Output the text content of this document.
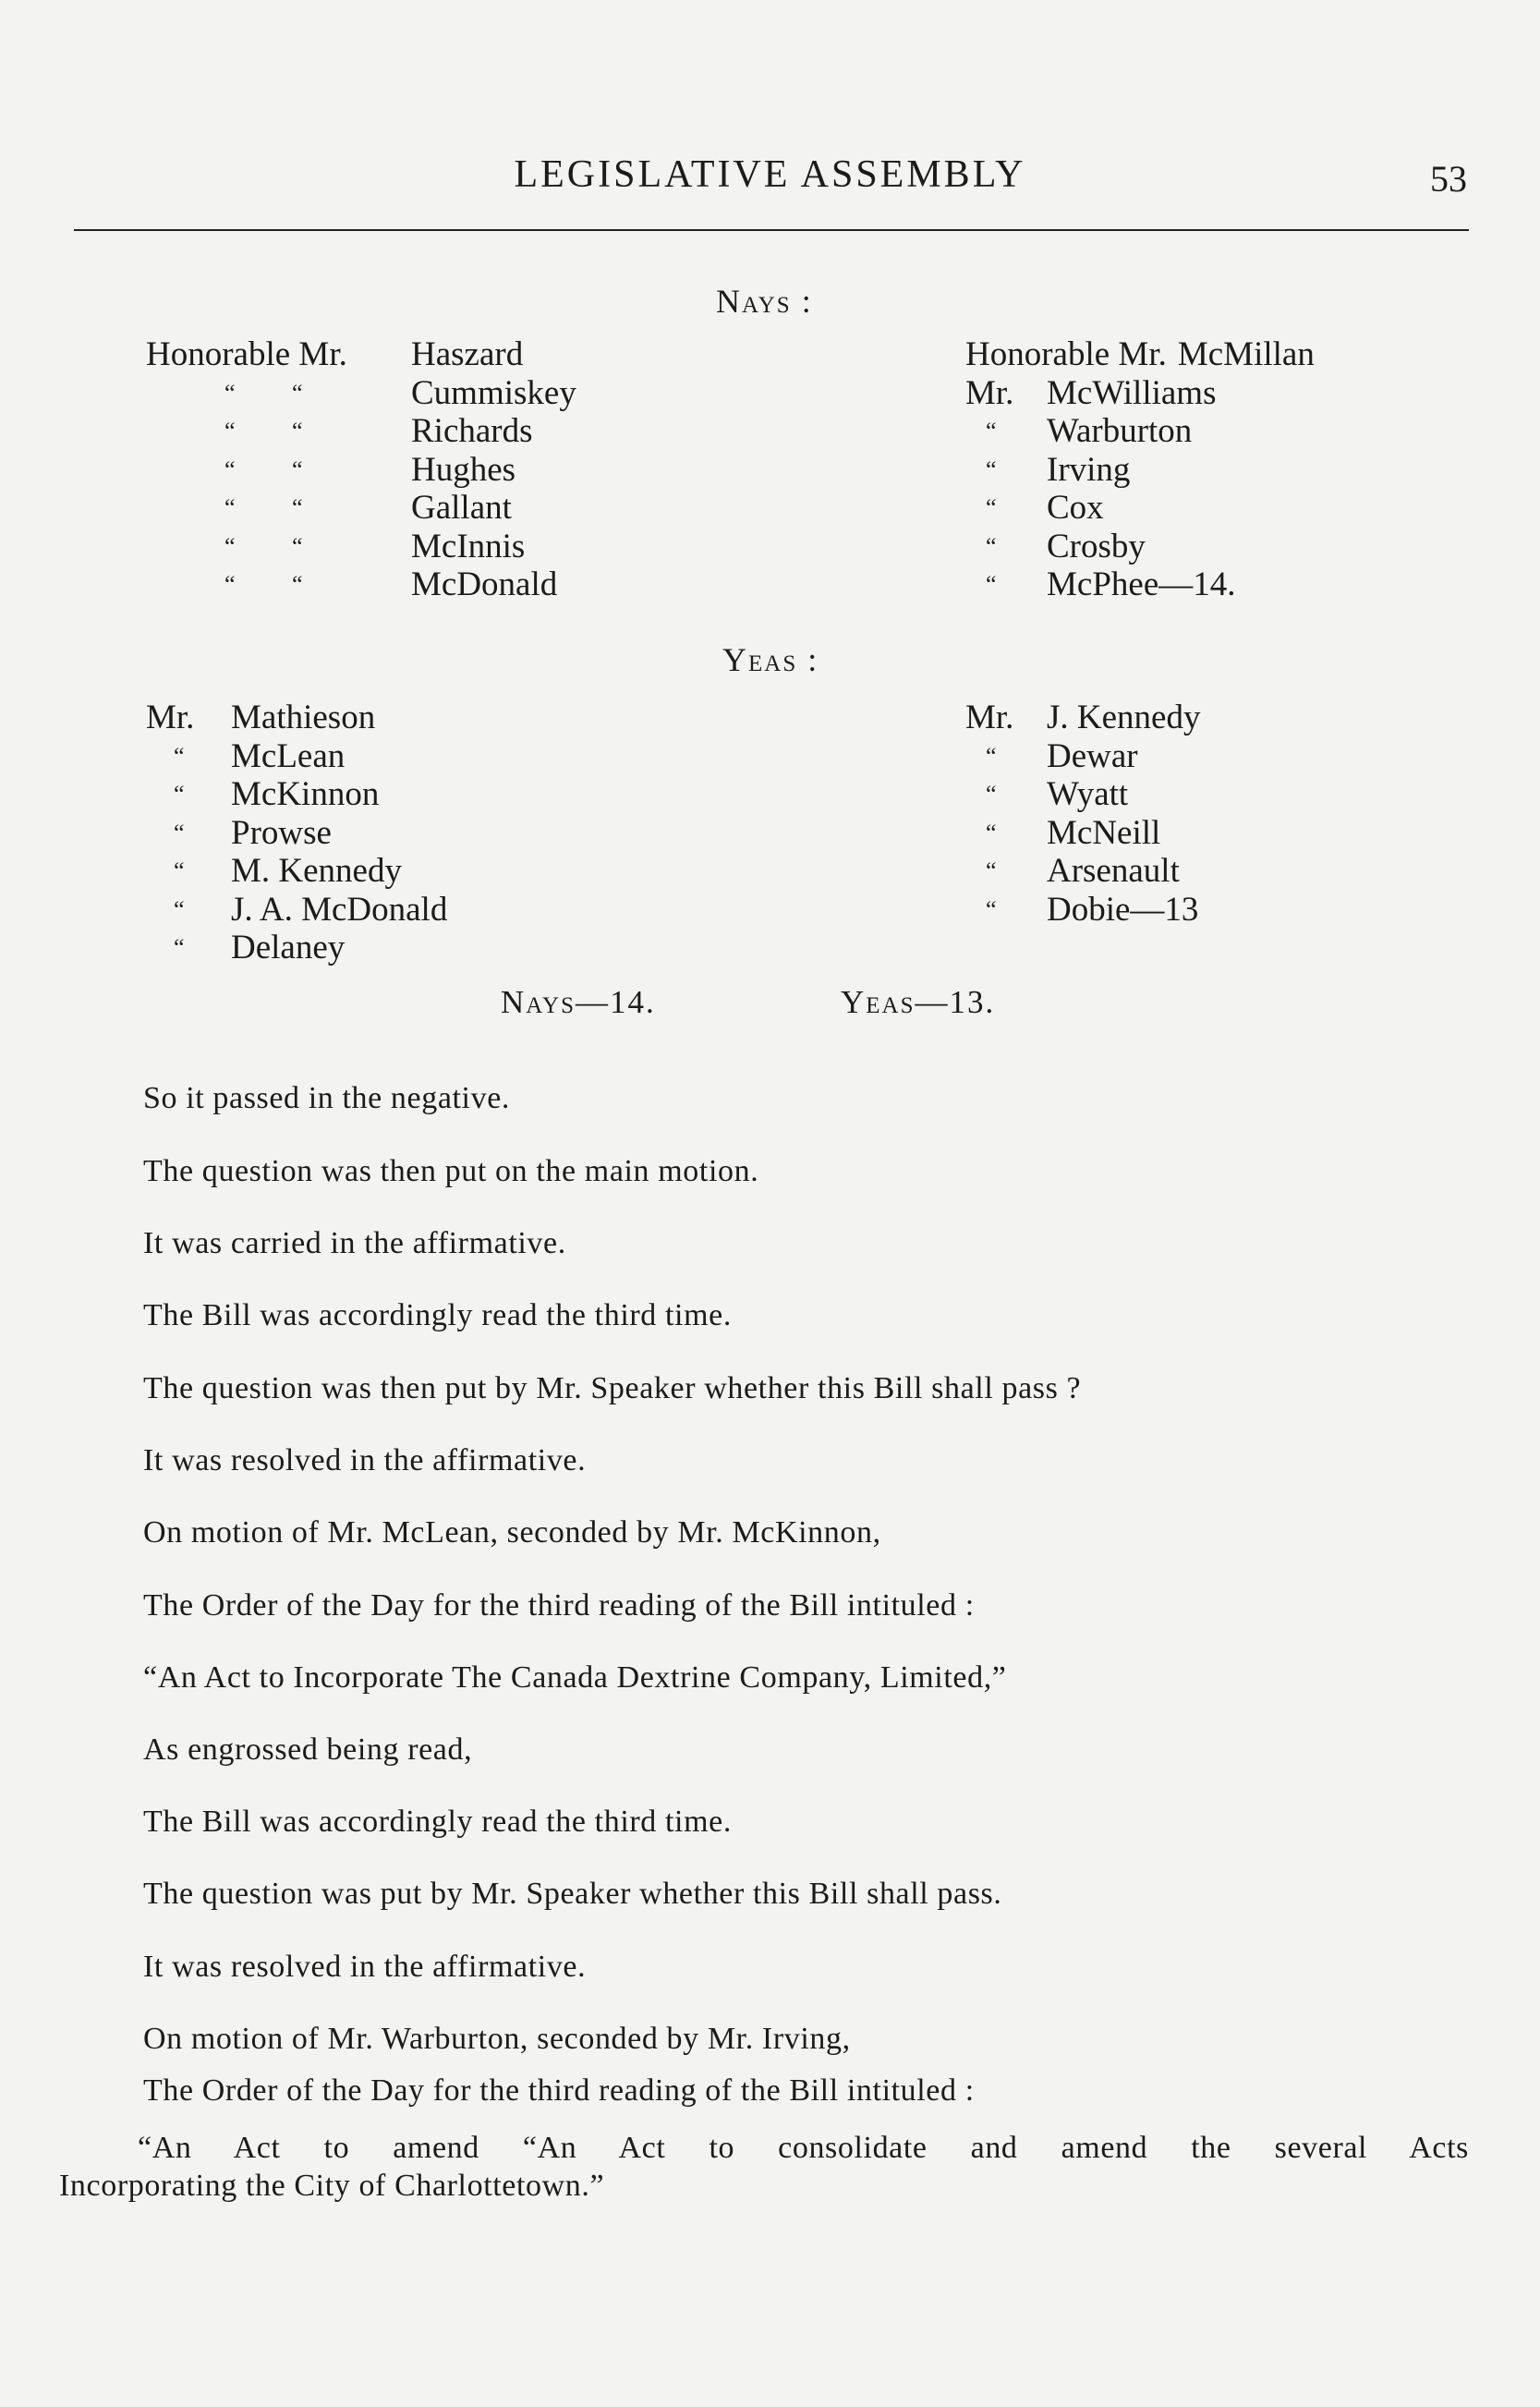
LEGISLATIVE ASSEMBLY	53
Nays :
Honorable Mr.	Haszard
“ “	Cummiskey
“ “	Richards
“ “	Hughes
“ “	Gallant
“ “	McInnis
“ “	McDonald
Honorable Mr. McMillan
Mr. McWilliams
“	Warburton
“	Irving
“	Cox
“	Crosby
“	McPhee—14.
Yeas :
Mr.	Mathieson
“	McLean
“	McKinnon
“	Prowse
“	M. Kennedy
“	J. A. McDonald
“	Delaney
Mr. J. Kennedy
“	Dewar
“	Wyatt
“	McNeill
“	Arsenault
“	Dobie—13
Nays—14.	Yeas—13.
So it passed in the negative.
The question was then put on the main motion.
It was carried in the affirmative.
The Bill was accordingly read the third time.
The question was then put by Mr. Speaker whether this Bill shall pass ?
It was resolved in the affirmative.
On motion of Mr. McLean, seconded by Mr. McKinnon,
The Order of the Day for the third reading of the Bill intituled :
“An Act to Incorporate The Canada Dextrine Company, Limited,”
As engrossed being read,
The Bill was accordingly read the third time.
The question was put by Mr. Speaker whether this Bill shall pass.
It was resolved in the affirmative.
On motion of Mr. Warburton, seconded by Mr. Irving,
The Order of the Day for the third reading of the Bill intituled :
“An Act to amend “An Act to consolidate and amend the several Acts
Incorporating the City of Charlottetown.”
